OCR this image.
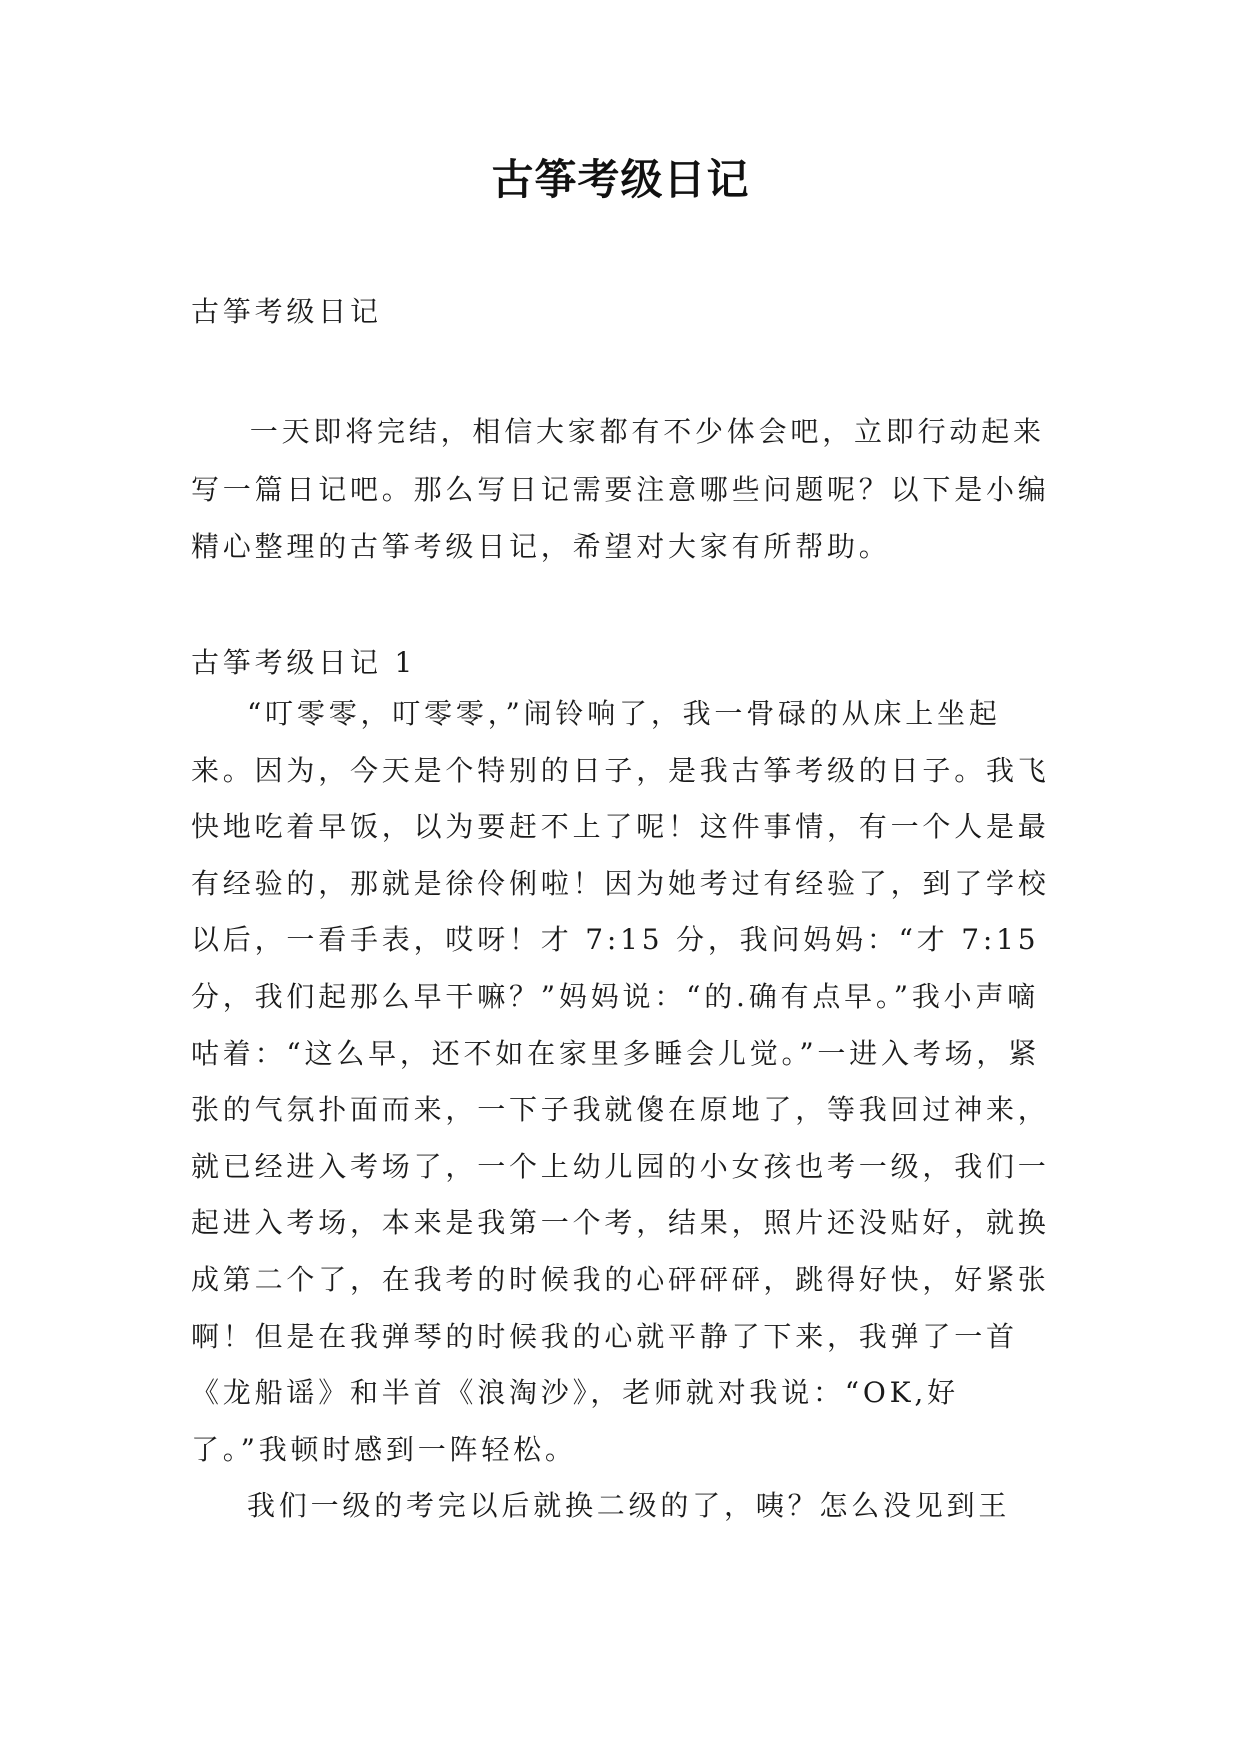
古筝考级日记
古筝考级日记

一天即将完结，相信大家都有不少体会吧，立即行动起来写一篇日记吧。那么写日记需要注意哪些问题呢？以下是小编精心整理的古筝考级日记，希望对大家有所帮助。

古筝考级日记 1

“叮零零，叮零零，”闹铃响了，我一骨碌的从床上坐起来。因为，今天是个特别的日子，是我古筝考级的日子。我飞快地吃着早饭，以为要赶不上了呢！这件事情，有一个人是最有经验的，那就是徐伶俐啦！因为她考过有经验了，到了学校以后，一看手表，哎呀！才 7:15 分，我问妈妈：“才 7:15 分，我们起那么早干嘛？”妈妈说：“的.确有点早。”我小声嘀咕着：“这么早，还不如在家里多睡会儿觉。”一进入考场，紧张的气氛扑面而来，一下子我就傻在原地了，等我回过神来，就已经进入考场了，一个上幼儿园的小女孩也考一级，我们一起进入考场，本来是我第一个考，结果，照片还没贴好，就换成第二个了，在我考的时候我的心砰砰砰，跳得好快，好紧张啊！但是在我弹琴的时候我的心就平静了下来，我弹了一首《龙船谣》和半首《浪淘沙》，老师就对我说：“OK,好了。”我顿时感到一阵轻松。

我们一级的考完以后就换二级的了，咦？怎么没见到王
